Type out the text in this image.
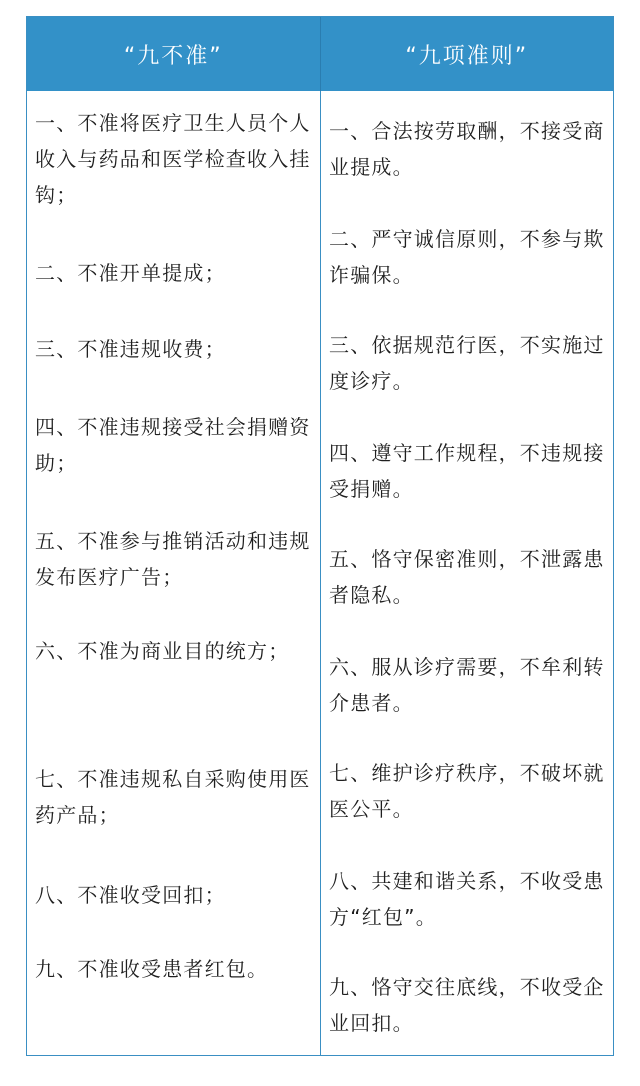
“九不准”	“九项准则”
一、不准将医疗卫生人员个人收入与药品和医学检查收入挂钩；
二、不准开单提成；
三、不准违规收费；
四、不准违规接受社会捐赠资助；
五、不准参与推销活动和违规发布医疗广告；
六、不准为商业目的统方；
七、不准违规私自采购使用医药产品；
八、不准收受回扣；
九、不准收受患者红包。
一、合法按劳取酬，不接受商业提成。
二、严守诚信原则，不参与欺诈骗保。
三、依据规范行医，不实施过度诊疗。
四、遵守工作规程，不违规接受捐赠。
五、恪守保密准则，不泄露患者隐私。
六、服从诊疗需要，不牟利转介患者。
七、维护诊疗秩序，不破坏就医公平。
八、共建和谐关系，不收受患方“红包”。
九、恪守交往底线，不收受企业回扣。
